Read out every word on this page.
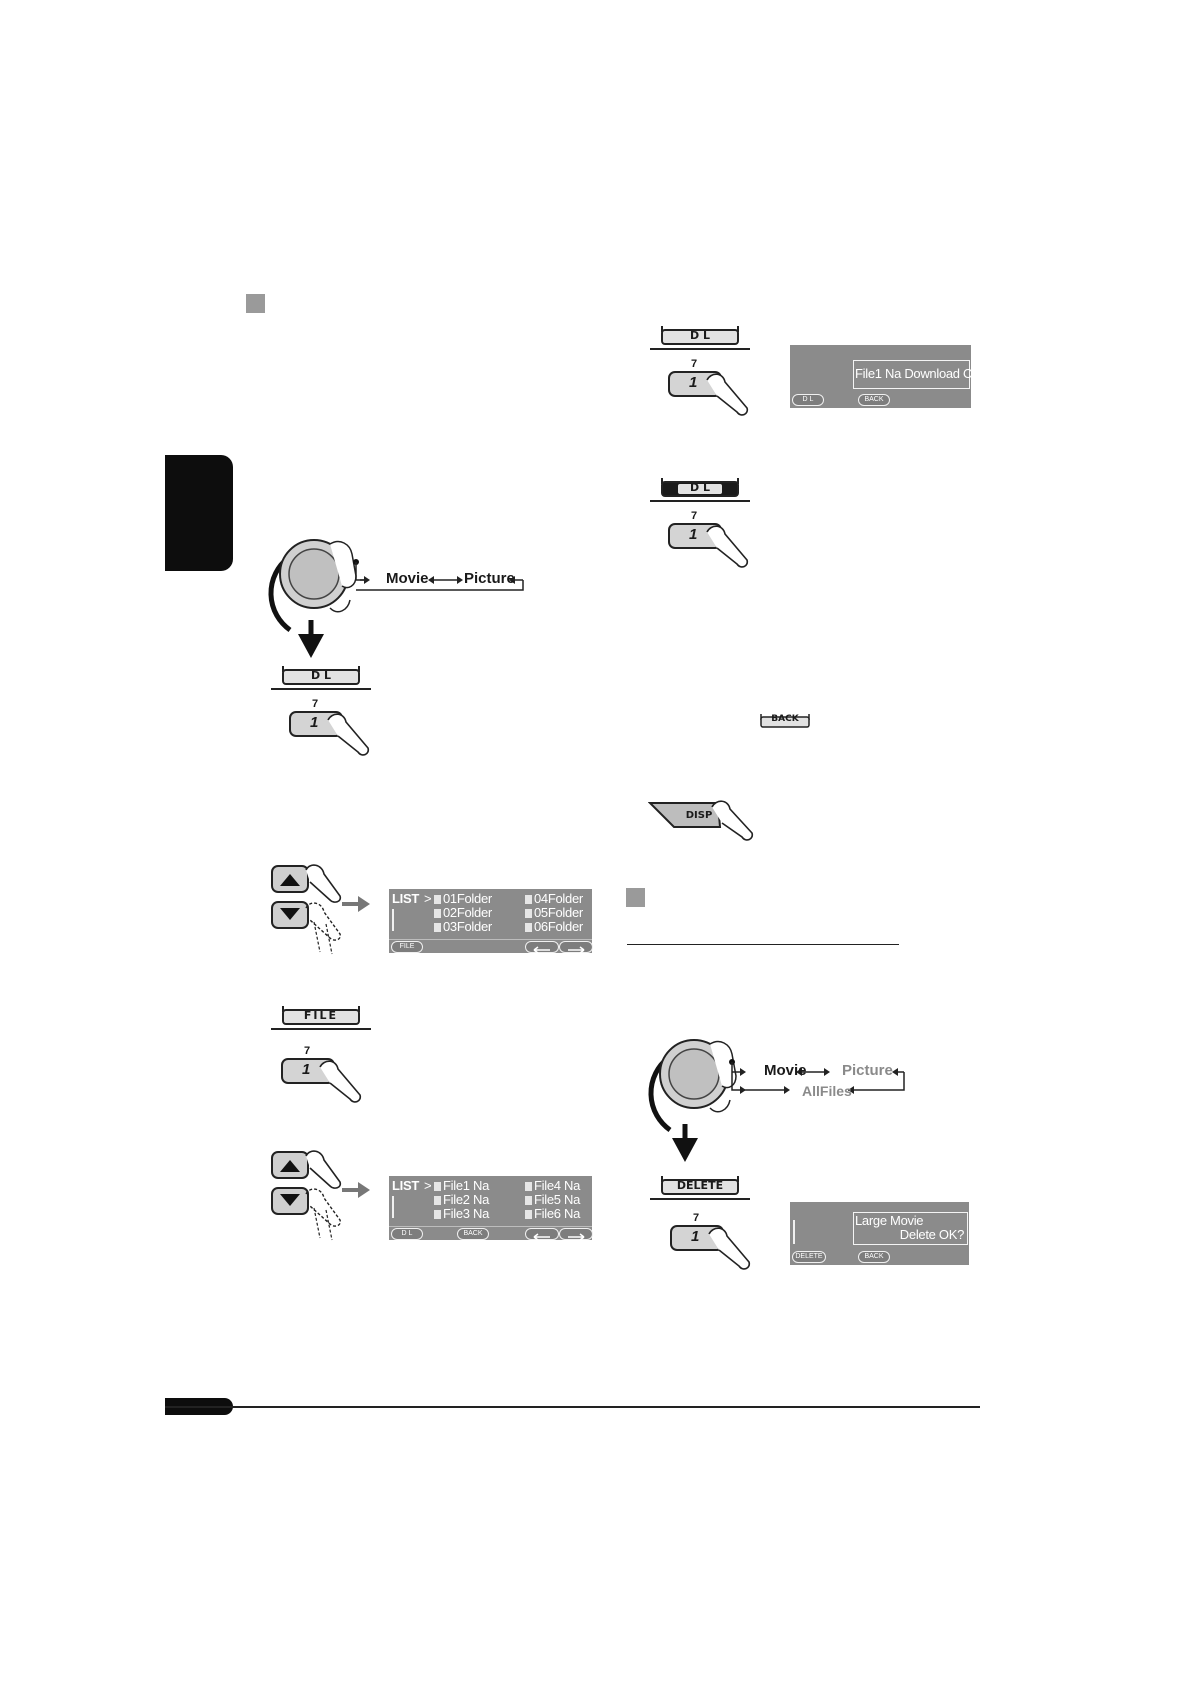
Movie Picture
D L
7
1
LIST > 01Folder
02Folder
03Folder
04Folder
05Folder
06Folder
FILE
FILE
7
1
LIST > File1 Na
File2 Na
File3 Na
File4 Na
File5 Na
File6 Na
D L	BACK
D L
7
1
File1 Na Download OK?
D L	BACK
D L
7
1
BACK
DISP
Movie Picture
AllFiles
DELETE
7
1
Large Movie
Delete OK?
DELETE	BACK
